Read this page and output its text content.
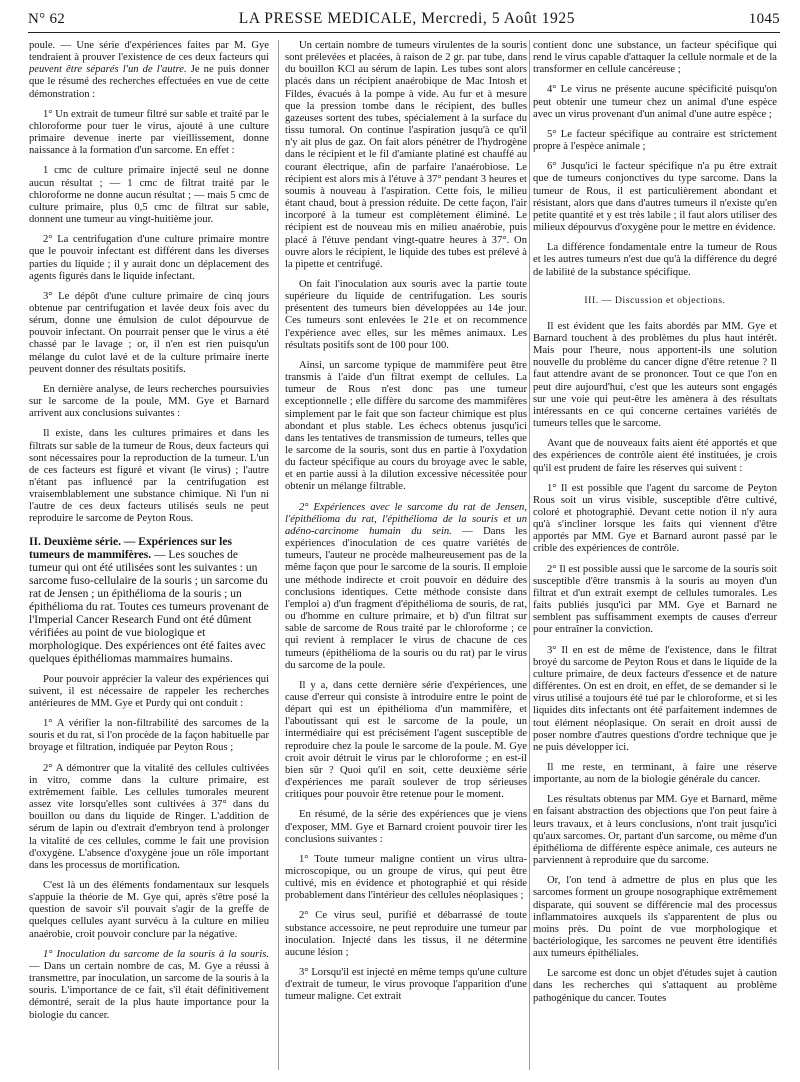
N° 62	LA PRESSE MEDICALE, Mercredi, 5 Août 1925	1045

poule. — Une série d'expériences faites par M. Gye tendraient à prouver l'existence de ces deux facteurs qui peuvent être séparés l'un de l'autre. Je ne puis donner que le résumé des recherches effectuées en vue de cette démonstration :

1° Un extrait de tumeur filtré sur sable et traité par le chloroforme pour tuer le virus, ajouté à une culture primaire devenue inerte par vieillissement, donne naissance à la formation d'un sarcome. En effet :

1 cmc de culture primaire injecté seul ne donne aucun résultat ; — 1 cmc de filtrat traité par le chloroforme ne donne aucun résultat ; — mais 5 cmc de culture primaire, plus 0,5 cmc de filtrat sur sable, donnent une tumeur au vingt-huitième jour.

2° La centrifugation d'une culture primaire montre que le pouvoir infectant est différent dans les diverses parties du liquide ; il y aurait donc un déplacement des agents figurés dans le liquide infectant.

3° Le dépôt d'une culture primaire de cinq jours obtenue par centrifugation et lavée deux fois avec du sérum, donne une émulsion de culot dépourvue de pouvoir infectant. On pourrait penser que le virus a été chassé par le lavage ; or, il n'en est rien puisqu'un mélange du culot lavé et de la culture primaire inerte peuvent donner des résultats positifs.

En dernière analyse, de leurs recherches poursuivies sur le sarcome de la poule, MM. Gye et Barnard arrivent aux conclusions suivantes :

Il existe, dans les cultures primaires et dans les filtrats sur sable de la tumeur de Rous, deux facteurs qui sont nécessaires pour la reproduction de la tumeur. L'un de ces facteurs est figuré et vivant (le virus) ; l'autre n'étant pas influencé par la centrifugation est vraisemblablement une substance chimique. Ni l'un ni l'autre de ces deux facteurs utilisés seuls ne peut reproduire le sarcome de Peyton Rous.

II. Deuxième série. — Expériences sur les tumeurs de mammifères. — Les souches de tumeur qui ont été utilisées sont les suivantes : un sarcome fuso-cellulaire de la souris ; un sarcome du rat de Jensen ; un épithélioma de la souris ; un épithélioma du rat. Toutes ces tumeurs provenant de l'Imperial Cancer Research Fund ont été dûment vérifiées au point de vue biologique et morphologique. Des expériences ont été faites avec quelques épithéliomas mammaires humains.

Pour pouvoir apprécier la valeur des expériences qui suivent, il est nécessaire de rappeler les recherches antérieures de MM. Gye et Purdy qui ont conduit :

1° A vérifier la non-filtrabilité des sarcomes de la souris et du rat, si l'on procède de la façon habituelle par broyage et filtration, indiquée par Peyton Rous ;

2° A démontrer que la vitalité des cellules cultivées in vitro, comme dans la culture primaire, est extrêmement faible. Les cellules tumorales meurent assez vite lorsqu'elles sont cultivées à 37° dans du bouillon ou dans du liquide de Ringer. L'addition de sérum de lapin ou d'extrait d'embryon tend à prolonger la vitalité de ces cellules, comme le fait une provision d'oxygène. L'absence d'oxygène joue un rôle important dans les processus de mortification.

C'est là un des éléments fondamentaux sur lesquels s'appuie la théorie de M. Gye qui, après s'être posé la question de savoir s'il pouvait s'agir de la greffe de quelques cellules ayant survécu à la culture en milieu anaérobie, croit pouvoir conclure par la négative.

1° Inoculation du sarcome de la souris à la souris. — Dans un certain nombre de cas, M. Gye a réussi à transmettre, par inoculation, un sarcome de la souris à la souris. L'importance de ce fait, s'il était définitivement démontré, serait de la plus haute importance pour la biologie du cancer.

Un certain nombre de tumeurs virulentes de la souris sont prélevées et placées, à raison de 2 gr. par tube, dans du bouillon KCl au sérum de lapin. Les tubes sont alors placés dans un récipient anaérobique de Mac Intosh et Fildes, évacués à la pompe à vide. Au fur et à mesure que la pression tombe dans le récipient, des bulles gazeuses sortent des tubes, spécialement à la surface du tissu tumoral. On continue l'aspiration jusqu'à ce qu'il n'y ait plus de gaz. On fait alors pénétrer de l'hydrogène dans le récipient et le fil d'amiante platiné est chauffé au courant électrique, afin de parfaire l'anaérobiose. Le récipient est alors mis à l'étuve à 37° pendant 3 heures et soumis à nouveau à l'aspiration. Cette fois, le milieu étant chaud, bout à pression réduite. De cette façon, l'air incorporé à la tumeur est complètement éliminé. Le récipient est de nouveau mis en milieu anaérobie, puis placé à l'étuve pendant vingt-quatre heures à 37°. On ouvre alors le récipient, le liquide des tubes est prélevé à la pipette et centrifugé.

On fait l'inoculation aux souris avec la partie toute supérieure du liquide de centrifugation. Les souris présentent des tumeurs bien développées au 14e jour. Ces tumeurs sont enlevées le 21e et on recommence l'expérience avec elles, sur les mêmes animaux. Les résultats positifs sont de 100 pour 100.

Ainsi, un sarcome typique de mammifère peut être transmis à l'aide d'un filtrat exempt de cellules. La tumeur de Rous n'est donc pas une tumeur exceptionnelle ; elle diffère du sarcome des mammifères simplement par le fait que son facteur chimique est plus abondant et plus stable. Les échecs obtenus jusqu'ici dans les tentatives de transmission de tumeurs, telles que le sarcome de la souris, sont dus en partie à l'oxydation du facteur spécifique au cours du broyage avec le sable, et en partie aussi à la dilution excessive nécessitée pour obtenir un mélange filtrable.

2° Expériences avec le sarcome du rat de Jensen, l'épithélioma du rat, l'épithélioma de la souris et un adéno-carcinome humain du sein. — Dans les expériences d'inoculation de ces quatre variétés de tumeurs, l'auteur ne procède malheureusement pas de la même façon que pour le sarcome de la souris. Il emploie une méthode indirecte et croit pouvoir en déduire des conclusions identiques. Cette méthode consiste dans l'emploi a) d'un fragment d'épithélioma de souris, de rat, ou d'homme en culture primaire, et b) d'un filtrat sur sable de sarcome de Rous traité par le chloroforme ; ce qui revient à remplacer le virus de chacune de ces tumeurs (épithélioma de la souris ou du rat) par le virus du sarcome de la poule.

Il y a, dans cette dernière série d'expériences, une cause d'erreur qui consiste à introduire entre le point de départ qui est un épithélioma d'un mammifère, et l'aboutissant qui est le sarcome de la poule, un intermédiaire qui est précisément l'agent susceptible de reproduire chez la poule le sarcome de la poule. M. Gye croit avoir détruit le virus par le chloroforme ; en est-il bien sûr ? Quoi qu'il en soit, cette deuxième série d'expériences me paraît soulever de trop sérieuses critiques pour pouvoir être retenue pour le moment.

En résumé, de la série des expériences que je viens d'exposer, MM. Gye et Barnard croient pouvoir tirer les conclusions suivantes :

1° Toute tumeur maligne contient un virus ultra-microscopique, ou un groupe de virus, qui peut être cultivé, mis en évidence et photographié et qui réside probablement dans l'intérieur des cellules néoplasiques ;

2° Ce virus seul, purifié et débarrassé de toute substance accessoire, ne peut reproduire une tumeur par inoculation. Injecté dans les tissus, il ne détermine aucune lésion ;

3° Lorsqu'il est injecté en même temps qu'une culture d'extrait de tumeur, le virus provoque l'apparition d'une tumeur maligne. Cet extrait

contient donc une substance, un facteur spécifique qui rend le virus capable d'attaquer la cellule normale et de la transformer en cellule cancéreuse ;

4° Le virus ne présente aucune spécificité puisqu'on peut obtenir une tumeur chez un animal d'une espèce avec un virus provenant d'un animal d'une autre espèce ;

5° Le facteur spécifique au contraire est strictement propre à l'espèce animale ;

6° Jusqu'ici le facteur spécifique n'a pu être extrait que de tumeurs conjonctives du type sarcome. Dans la tumeur de Rous, il est particulièrement abondant et résistant, alors que dans d'autres tumeurs il n'existe qu'en petite quantité et y est très labile ; il faut alors utiliser des milieux dépourvus d'oxygène pour le mettre en évidence.

La différence fondamentale entre la tumeur de Rous et les autres tumeurs n'est due qu'à la différence du degré de labilité de la substance spécifique.

III. — Discussion et objections.

Il est évident que les faits abordés par MM. Gye et Barnard touchent à des problèmes du plus haut intérêt. Mais pour l'heure, nous apportent-ils une solution nouvelle du problème du cancer digne d'être retenue ? Il faut attendre avant de se prononcer. Tout ce que l'on en peut dire aujourd'hui, c'est que les auteurs sont engagés sur une voie qui peut-être les amènera à des résultats intéressants en ce qui concerne certaines variétés de tumeurs telles que le sarcome.

Avant que de nouveaux faits aient été apportés et que des expériences de contrôle aient été instituées, je crois qu'il est prudent de faire les réserves qui suivent :

1° Il est possible que l'agent du sarcome de Peyton Rous soit un virus visible, susceptible d'être cultivé, coloré et photographié. Devant cette notion il n'y aura qu'à s'incliner lorsque les faits qui viennent d'être apportés par MM. Gye et Barnard auront passé par le crible des expériences de contrôle.

2° Il est possible aussi que le sarcome de la souris soit susceptible d'être transmis à la souris au moyen d'un filtrat et d'un extrait exempt de cellules tumorales. Les faits publiés jusqu'ici par MM. Gye et Barnard ne semblent pas suffisamment exempts de causes d'erreur pour entraîner la conviction.

3° Il en est de même de l'existence, dans le filtrat broyé du sarcome de Peyton Rous et dans le liquide de la culture primaire, de deux facteurs d'essence et de nature différentes. On est en droit, en effet, de se demander si le virus utilisé a toujours été tué par le chloroforme, et si les liquides dits infectants ont été parfaitement indemnes de tout élément néoplasique. On serait en droit aussi de poser nombre d'autres questions d'ordre technique que je ne puis développer ici.

Il me reste, en terminant, à faire une réserve importante, au nom de la biologie générale du cancer.

Les résultats obtenus par MM. Gye et Barnard, même en faisant abstraction des objections que l'on peut faire à leurs travaux, et à leurs conclusions, n'ont trait jusqu'ici qu'aux sarcomes. Or, partant d'un sarcome, ou même d'un épithélioma de différente espèce animale, ces auteurs ne parviennent à reproduire que du sarcome.

Or, l'on tend à admettre de plus en plus que les sarcomes forment un groupe nosographique extrêmement disparate, qui souvent se différencie mal des processus inflammatoires auxquels ils s'apparentent de plus ou moins près. Du point de vue morphologique et bactériologique, les sarcomes ne peuvent être identifiés aux tumeurs épithéliales.

Le sarcome est donc un objet d'études sujet à caution dans les recherches qui s'attaquent au problème pathogénique du cancer. Toutes
